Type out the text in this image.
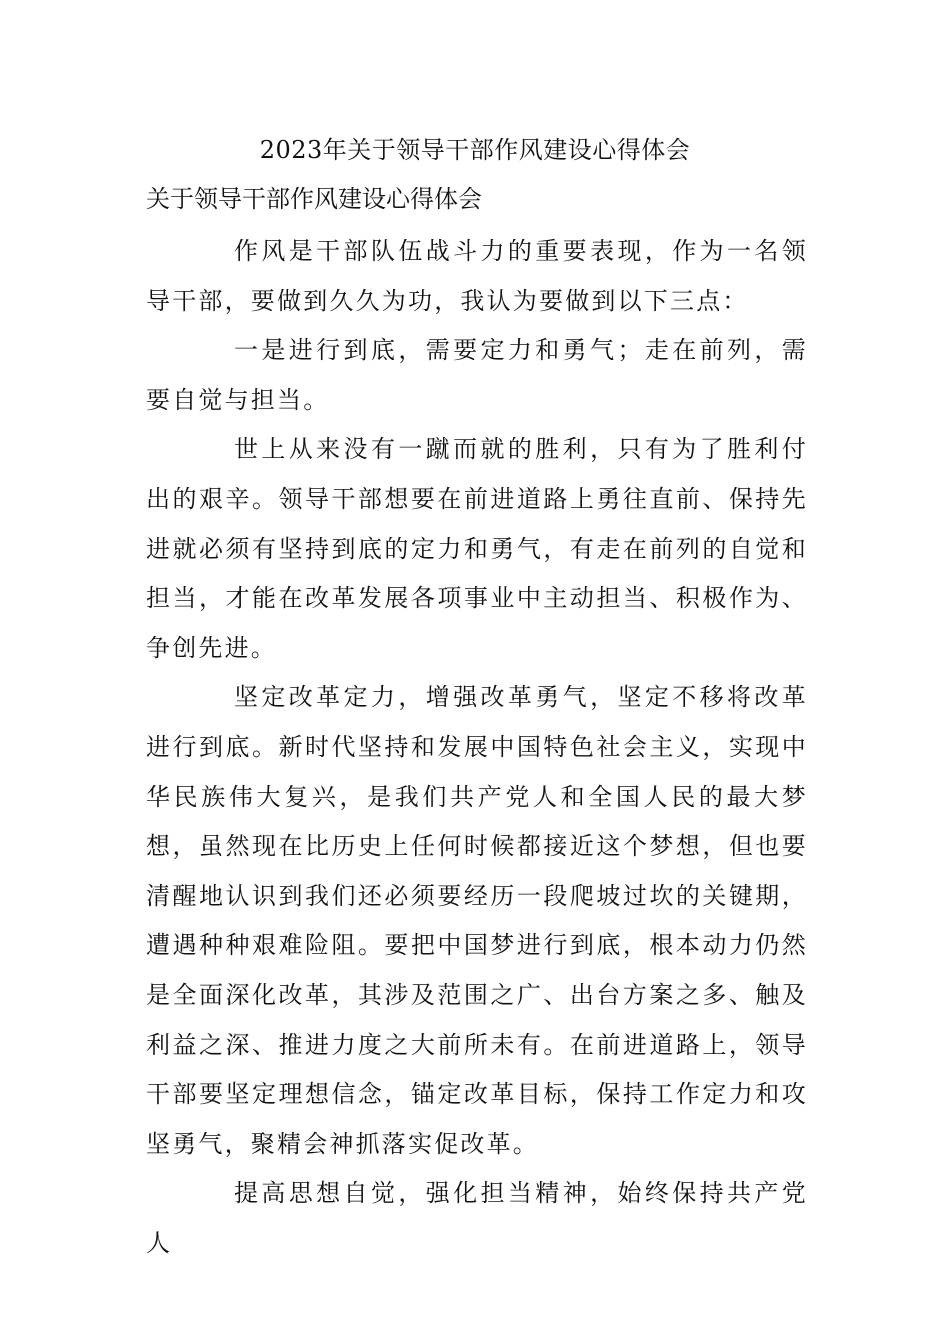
2023年关于领导干部作风建设心得体会
关于领导干部作风建设心得体会

作风是干部队伍战斗力的重要表现，作为一名领导干部，要做到久久为功，我认为要做到以下三点：

一是进行到底，需要定力和勇气；走在前列，需要自觉与担当。

世上从来没有一蹴而就的胜利，只有为了胜利付出的艰辛。领导干部想要在前进道路上勇往直前、保持先进就必须有坚持到底的定力和勇气，有走在前列的自觉和担当，才能在改革发展各项事业中主动担当、积极作为、争创先进。

坚定改革定力，增强改革勇气，坚定不移将改革进行到底。新时代坚持和发展中国特色社会主义，实现中华民族伟大复兴，是我们共产党人和全国人民的最大梦想，虽然现在比历史上任何时候都接近这个梦想，但也要清醒地认识到我们还必须要经历一段爬坡过坎的关键期，遭遇种种艰难险阻。要把中国梦进行到底，根本动力仍然是全面深化改革，其涉及范围之广、出台方案之多、触及利益之深、推进力度之大前所未有。在前进道路上，领导干部要坚定理想信念，锚定改革目标，保持工作定力和攻坚勇气，聚精会神抓落实促改革。

提高思想自觉，强化担当精神，始终保持共产党人
